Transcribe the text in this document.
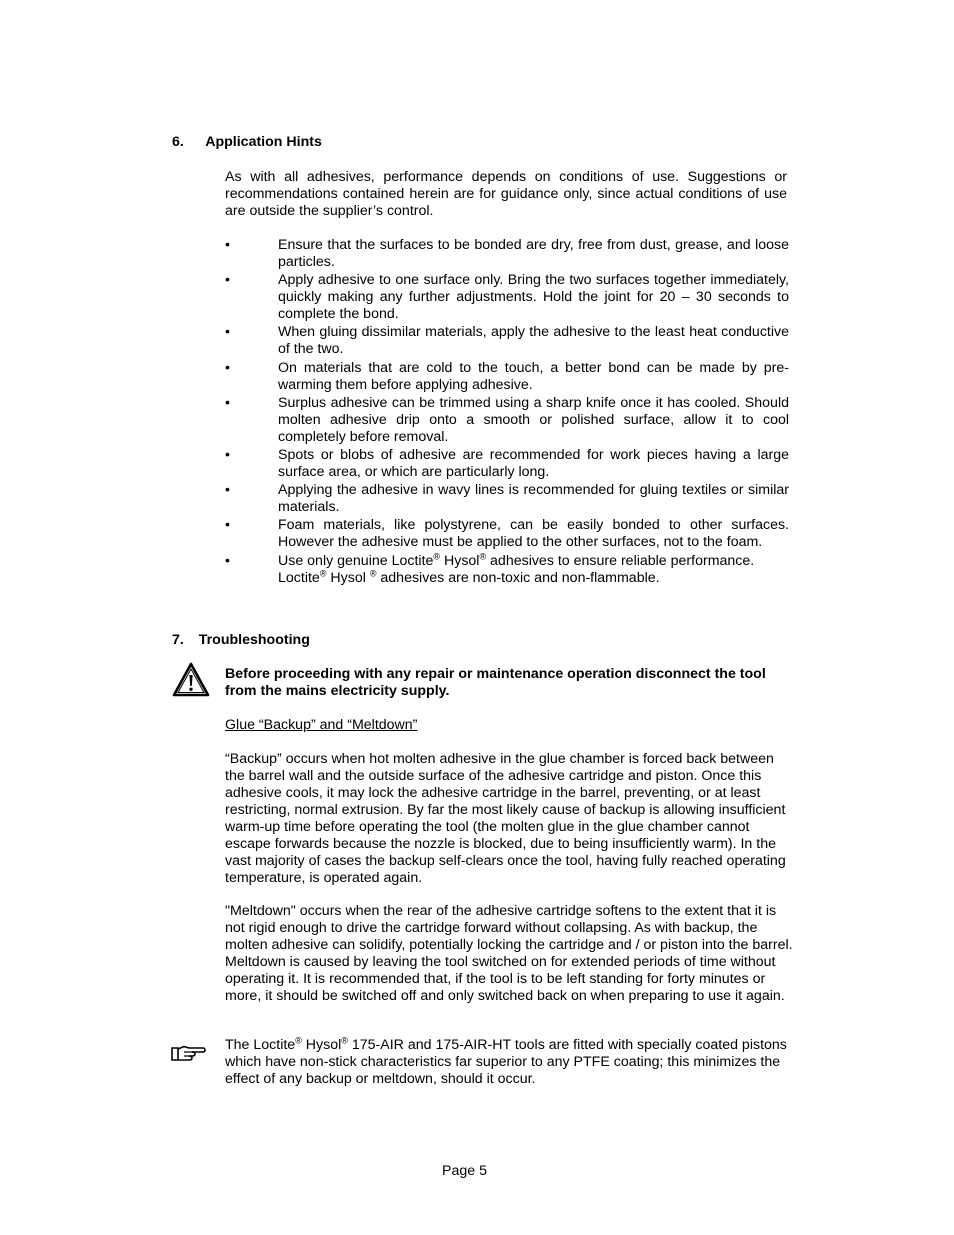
6. Application Hints
As with all adhesives, performance depends on conditions of use. Suggestions or recommendations contained herein are for guidance only, since actual conditions of use are outside the supplier’s control.
•	Ensure that the surfaces to be bonded are dry, free from dust, grease, and loose particles.
•	Apply adhesive to one surface only. Bring the two surfaces together immediately, quickly making any further adjustments. Hold the joint for 20 – 30 seconds to complete the bond.
•	When gluing dissimilar materials, apply the adhesive to the least heat conductive of the two.
•	On materials that are cold to the touch, a better bond can be made by pre-warming them before applying adhesive.
•	Surplus adhesive can be trimmed using a sharp knife once it has cooled. Should molten adhesive drip onto a smooth or polished surface, allow it to cool completely before removal.
•	Spots or blobs of adhesive are recommended for work pieces having a large surface area, or which are particularly long.
•	Applying the adhesive in wavy lines is recommended for gluing textiles or similar materials.
•	Foam materials, like polystyrene, can be easily bonded to other surfaces. However the adhesive must be applied to the other surfaces, not to the foam.
•	Use only genuine Loctite® Hysol® adhesives to ensure reliable performance.
Loctite® Hysol ® adhesives are non-toxic and non-flammable.
7. Troubleshooting
Before proceeding with any repair or maintenance operation disconnect the tool from the mains electricity supply.
Glue “Backup” and “Meltdown”
“Backup” occurs when hot molten adhesive in the glue chamber is forced back between the barrel wall and the outside surface of the adhesive cartridge and piston. Once this adhesive cools, it may lock the adhesive cartridge in the barrel, preventing, or at least restricting, normal extrusion. By far the most likely cause of backup is allowing insufficient warm-up time before operating the tool (the molten glue in the glue chamber cannot escape forwards because the nozzle is blocked, due to being insufficiently warm). In the vast majority of cases the backup self-clears once the tool, having fully reached operating temperature, is operated again.
"Meltdown" occurs when the rear of the adhesive cartridge softens to the extent that it is not rigid enough to drive the cartridge forward without collapsing. As with backup, the molten adhesive can solidify, potentially locking the cartridge and / or piston into the barrel. Meltdown is caused by leaving the tool switched on for extended periods of time without operating it. It is recommended that, if the tool is to be left standing for forty minutes or more, it should be switched off and only switched back on when preparing to use it again.
The Loctite® Hysol® 175-AIR and 175-AIR-HT tools are fitted with specially coated pistons which have non-stick characteristics far superior to any PTFE coating; this minimizes the effect of any backup or meltdown, should it occur.
Page 5
